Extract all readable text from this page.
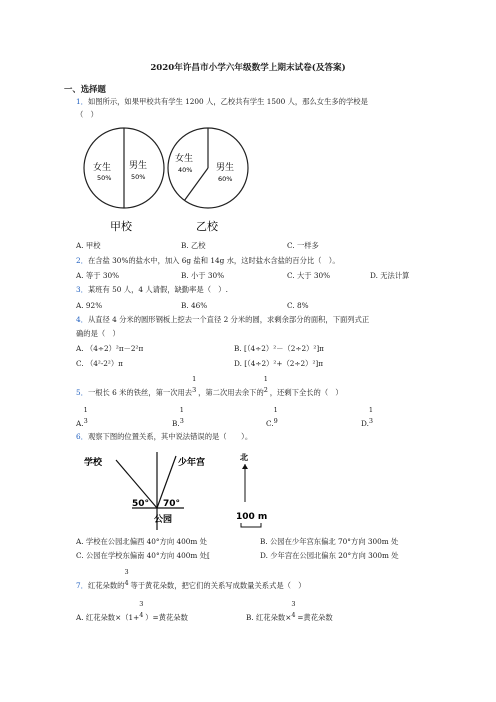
2020年许昌市小学六年级数学上期末试卷(及答案)
一、选择题
1．如图所示，如果甲校共有学生 1200 人，乙校共有学生 1500 人，那么女生多的学校是
（　）
女生
50%
男生
50%
甲校
女生
40%	男生
60%
乙校
A. 甲校	B. 乙校	C. 一样多
2．在含盐 30%的盐水中，加入 6g 盐和 14g 水，这时盐水含盐的百分比（　）。
A. 等于 30%	B. 小于 30%	C. 大于 30%	D. 无法计算
3．某班有 50 人，4 人请假，缺勤率是（　）.
A. 92%	B. 46%	C. 8%
4．从直径 4 分米的圆形钢板上挖去一个直径 2 分米的圆，求剩余部分的面积，下面列式正
确的是（　）
A. （4÷2）²π－2²π	B. [（4÷2）²－（2÷2）²]π
C. （4²-2²）π	D. [（4÷2）²+（2÷2）²]π
5．一根长 6 米的铁丝，第一次用去
1
3 ，第二次用去余下的
1
2 ，还剩下全长的（　）
A.
1
3	B.
1
3	C.
1
9	D.
1
3
6．观察下图的位置关系，其中说法错误的是（　　）。
学校	少年宫
50° 70°
公园
北
100 m
A. 学校在公园北偏西 40°方向 400m 处	B. 公园在少年宫东偏北 70°方向 300m 处
C. 公园在学校东偏南 40°方向 400m 处[	D. 少年宫在公园北偏东 20°方向 300m 处
7．红花朵数的
3
4 等于黄花朵数，把它们的关系写成数量关系式是（　）
A. 红花朵数×（1+
3
4 ）=黄花朵数	B. 红花朵数×
3
4 =黄花朵数
